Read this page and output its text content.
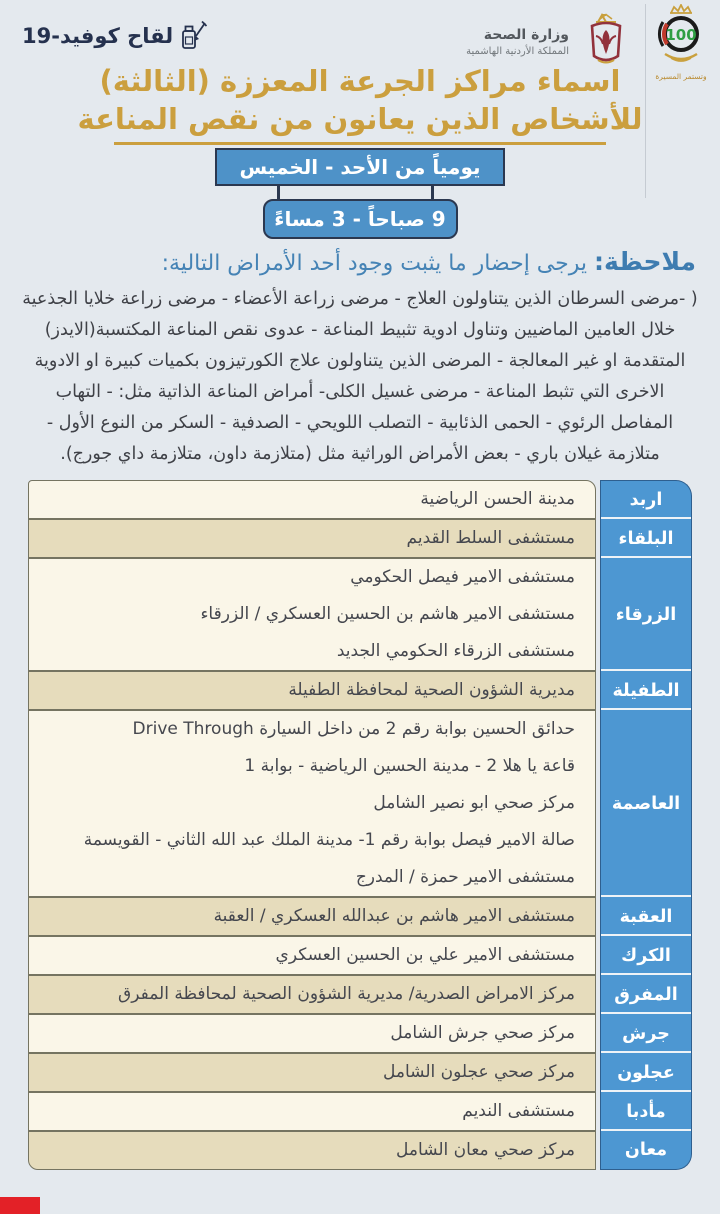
لقاح كوفيد-19	وزارة الصحة
المملكة الأردنية الهاشمية
100
وتستمر المسيرة
اسماء مراكز الجرعة المعززة (الثالثة)
للأشخاص الذين يعانون من نقص المناعة
يومياً من الأحد - الخميس
9 صباحاً - 3 مساءً
ملاحظة: يرجى إحضار ما يثبت وجود أحد الأمراض التالية:
( -مرضى السرطان الذين يتناولون العلاج - مرضى زراعة الأعضاء - مرضى زراعة خلايا الجذعية
خلال العامين الماضيين وتناول ادوية تثبيط المناعة - عدوى نقص المناعة المكتسبة(الايدز)
المتقدمة او غير المعالجة - المرضى الذين يتناولون علاج الكورتيزون بكميات كبيرة او الادوية
الاخرى التي تثبط المناعة - مرضى غسيل الكلى- أمراض المناعة الذاتية مثل: - التهاب
المفاصل الرئوي - الحمى الذئابية - التصلب اللويحي - الصدفية - السكر من النوع الأول -
متلازمة غيلان باري - بعض الأمراض الوراثية مثل (متلازمة داون، متلازمة داي جورج).
اربد
مدينة الحسن الرياضية
البلقاء
مستشفى السلط القديم
الزرقاء
مستشفى الامير فيصل الحكومي
مستشفى الامير هاشم بن الحسين العسكري / الزرقاء
مستشفى الزرقاء الحكومي الجديد
الطفيلة
مديرية الشؤون الصحية لمحافظة الطفيلة
العاصمة
حدائق الحسين بوابة رقم 2 من داخل السيارة Drive Through
قاعة يا هلا 2 - مدينة الحسين الرياضية - بوابة 1
مركز صحي ابو نصير الشامل
صالة الامير فيصل بوابة رقم 1- مدينة الملك عبد الله الثاني - القويسمة
مستشفى الامير حمزة / المدرج
العقبة
مستشفى الامير هاشم بن عبدالله العسكري / العقبة
الكرك
مستشفى الامير علي بن الحسين العسكري
المفرق
مركز الامراض الصدرية/ مديرية الشؤون الصحية لمحافظة المفرق
جرش
مركز صحي جرش الشامل
عجلون
مركز صحي عجلون الشامل
مأدبا
مستشفى النديم
معان
مركز صحي معان الشامل
